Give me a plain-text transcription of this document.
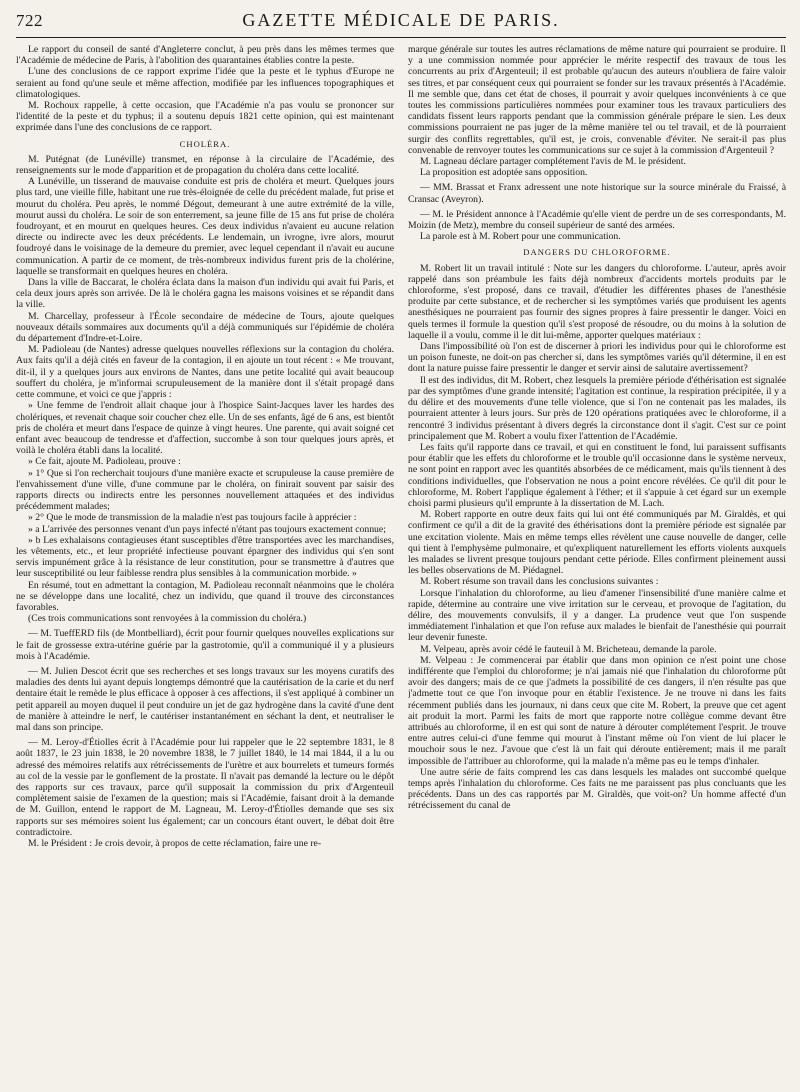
722	GAZETTE MÉDICALE DE PARIS.

Le rapport du conseil de santé d'Angleterre conclut, à peu près dans les mêmes termes que l'Académie de médecine de Paris, à l'abolition des quarantaines établies contre la peste.

L'une des conclusions de ce rapport exprime l'idée que la peste et le typhus d'Europe ne seraient au fond qu'une seule et même affection, modifiée par les influences topographiques et climatologiques.

M. Rochoux rappelle, à cette occasion, que l'Académie n'a pas voulu se prononcer sur l'identité de la peste et du typhus; il a soutenu depuis 1821 cette opinion, qui est maintenant exprimée dans l'une des conclusions de ce rapport.

CHOLÉRA.

M. Putégnat (de Lunéville) transmet, en réponse à la circulaire de l'Académie, des renseignements sur le mode d'apparition et de propagation du choléra dans cette localité.

A Lunéville, un tisserand de mauvaise conduite est pris de choléra et meurt. Quelques jours plus tard, une vieille fille, habitant une rue très-éloignée de celle du précédent malade, fut prise et mourut du choléra. Peu après, le nommé Dégout, demeurant à une autre extrémité de la ville, mourut aussi du choléra. Le soir de son enterrement, sa jeune fille de 15 ans fut prise de choléra foudroyant, et en mourut en quelques heures. Ces deux individus n'avaient eu aucune relation directe ou indirecte avec les deux précédents. Le lendemain, un ivrogne, ivre alors, mourut foudroyé dans le voisinage de la demeure du premier, avec lequel cependant il n'avait eu aucune communication. A partir de ce moment, de très-nombreux individus furent pris de la cholérine, laquelle se transformait en quelques heures en choléra.

Dans la ville de Baccarat, le choléra éclata dans la maison d'un individu qui avait fui Paris, et cela deux jours après son arrivée. De là le choléra gagna les maisons voisines et se répandit dans la ville.

M. Charcellay, professeur à l'École secondaire de médecine de Tours, ajoute quelques nouveaux détails sommaires aux documents qu'il a déjà communiqués sur l'épidémie de choléra du département d'Indre-et-Loire.

M. Padioleau (de Nantes) adresse quelques nouvelles réflexions sur la contagion du choléra. Aux faits qu'il a déjà cités en faveur de la contagion, il en ajoute un tout récent : « Me trouvant, dit-il, il y a quelques jours aux environs de Nantes, dans une petite localité qui avait beaucoup souffert du choléra, je m'informai scrupuleusement de la manière dont il s'était propagé dans cette commune, et voici ce que j'appris :

» Une femme de l'endroit allait chaque jour à l'hospice Saint-Jacques laver les hardes des cholériques, et revenait chaque soir coucher chez elle. Un de ses enfants, âgé de 6 ans, est bientôt pris de choléra et meurt dans l'espace de quinze à vingt heures. Une parente, qui avait soigné cet enfant avec beaucoup de tendresse et d'affection, succombe à son tour quelques jours après, et voilà le choléra établi dans la localité.

» Ce fait, ajoute M. Padioleau, prouve :

» 1° Que si l'on recherchait toujours d'une manière exacte et scrupuleuse la cause première de l'envahissement d'une ville, d'une commune par le choléra, on finirait souvent par saisir des rapports directs ou indirects entre les personnes nouvellement attaquées et des individus précédemment malades;

» 2° Que le mode de transmission de la maladie n'est pas toujours facile à apprécier :

» a L'arrivée des personnes venant d'un pays infecté n'étant pas toujours exactement connue;

» b Les exhalaisons contagieuses étant susceptibles d'être transportées avec les marchandises, les vêtements, etc., et leur propriété infectieuse pouvant épargner des individus qui s'en sont servis impunément grâce à la résistance de leur constitution, pour se transmettre à d'autres que leur susceptibilité ou leur faiblesse rendra plus sensibles à la communication morbide. »

En résumé, tout en admettant la contagion, M. Padioleau reconnaît néanmoins que le choléra ne se développe dans une localité, chez un individu, que quand il trouve des circonstances favorables.

(Ces trois communications sont renvoyées à la commission du choléra.)

— M. TueffERD fils (de Montbelliard), écrit pour fournir quelques nouvelles explications sur le fait de grossesse extra-utérine guérie par la gastrotomie, qu'il a communiqué il y a plusieurs mois à l'Académie.

— M. Julien Descot écrit que ses recherches et ses longs travaux sur les moyens curatifs des maladies des dents lui ayant depuis longtemps démontré que la cautérisation de la carie et du nerf dentaire était le remède le plus efficace à opposer à ces affections, il s'est appliqué à combiner un petit appareil au moyen duquel il peut conduire un jet de gaz hydrogène dans la cavité d'une dent de manière à atteindre le nerf, le cautériser instantanément en séchant la dent, et neutraliser le mal dans son principe.

— M. Leroy-d'Étiolles écrit à l'Académie pour lui rappeler que le 22 septembre 1831, le 8 août 1837, le 23 juin 1838, le 20 novembre 1838, le 7 juillet 1840, le 14 mai 1844, il a lu ou adressé des mémoires relatifs aux rétrécissements de l'urètre et aux bourrelets et tumeurs formés au col de la vessie par le gonflement de la prostate. Il n'avait pas demandé la lecture ou le dépôt des rapports sur ces travaux, parce qu'il supposait la commission du prix d'Argenteuil complètement saisie de l'examen de la question; mais si l'Académie, faisant droit à la demande de M. Guillon, entend le rapport de M. Lagneau, M. Leroy-d'Étiolles demande que ses six rapports sur ses mémoires soient lus également; car un concours étant ouvert, le débat doit être contradictoire.

M. le Président : Je crois devoir, à propos de cette réclamation, faire une re-

marque générale sur toutes les autres réclamations de même nature qui pourraient se produire. Il y a une commission nommée pour apprécier le mérite respectif des travaux de tous les concurrents au prix d'Argenteuil; il est probable qu'aucun des auteurs n'oubliera de faire valoir ses titres, et par conséquent ceux qui pourraient se fonder sur les travaux présentés à l'Académie. Il me semble que, dans cet état de choses, il pourrait y avoir quelques inconvénients à ce que toutes les commissions particulières nommées pour examiner tous les travaux particuliers des candidats fissent leurs rapports pendant que la commission générale prépare le sien. Les deux commissions pourraient ne pas juger de la même manière tel ou tel travail, et de là pourraient surgir des conflits regrettables, qu'il est, je crois, convenable d'éviter. Ne serait-il pas plus convenable de renvoyer toutes les communications sur ce sujet à la commission d'Argenteuil ?

M. Lagneau déclare partager complétement l'avis de M. le président.

La proposition est adoptée sans opposition.

— MM. Brassat et Franx adressent une note historique sur la source minérale du Fraissé, à Cransac (Aveyron).

— M. le Président annonce à l'Académie qu'elle vient de perdre un de ses correspondants, M. Moizin (de Metz), membre du conseil supérieur de santé des armées.

La parole est à M. Robert pour une communication.

DANGERS DU CHLOROFORME.

M. Robert lit un travail intitulé : Note sur les dangers du chloroforme. L'auteur, après avoir rappelé dans son préambule les faits déjà nombreux d'accidents mortels produits par le chloroforme, s'est proposé, dans ce travail, d'étudier les différentes phases de l'anesthésie produite par cette substance, et de rechercher si les symptômes variés que produisent les agents anesthésiques ne pourraient pas fournir des signes propres à faire pressentir le danger. Voici en quels termes il formule la question qu'il s'est proposé de résoudre, ou du moins à la solution de laquelle il a voulu, comme il le dit lui-même, apporter quelques matériaux :

Dans l'impossibilité où l'on est de discerner à priori les individus pour qui le chloroforme est un poison funeste, ne doit-on pas chercher si, dans les symptômes variés qu'il détermine, il en est dont la nature puisse faire pressentir le danger et servir ainsi de salutaire avertissement?

Il est des individus, dit M. Robert, chez lesquels la première période d'éthérisation est signalée par des symptômes d'une grande intensité; l'agitation est continue, la respiration précipitée, il y a du délire et des mouvements d'une telle violence, que si l'on ne contenait pas les malades, ils pourraient attenter à leurs jours. Sur près de 120 opérations pratiquées avec le chloroforme, il a rencontré 3 individus présentant à divers degrés la circonstance dont il s'agit. C'est sur ce point principalement que M. Robert a voulu fixer l'attention de l'Académie.

Les faits qu'il rapporte dans ce travail, et qui en constituent le fond, lui paraissent suffisants pour établir que les effets du chloroforme et le trouble qu'il occasionne dans le système nerveux, ne sont point en rapport avec les quantités absorbées de ce médicament, mais qu'ils tiennent à des conditions individuelles, que l'observation ne nous a point encore révélées. Ce qu'il dit pour le chloroforme, M. Robert l'applique également à l'éther; et il s'appuie à cet égard sur un exemple choisi parmi plusieurs qu'il emprunte à la dissertation de M. Lach.

M. Robert rapporte en outre deux faits qui lui ont été communiqués par M. Giraldès, et qui confirment ce qu'il a dit de la gravité des éthérisations dont la première période est signalée par une excitation violente. Mais en même temps elles révèlent une cause nouvelle de danger, celle qui tient à l'emphysème pulmonaire, et qu'expliquent naturellement les efforts violents auxquels les malades se livrent presque toujours pendant cette période. Elles confirment pleinement aussi les belles observations de M. Piédagnel.

M. Robert résume son travail dans les conclusions suivantes :

Lorsque l'inhalation du chloroforme, au lieu d'amener l'insensibilité d'une manière calme et rapide, détermine au contraire une vive irritation sur le cerveau, et provoque de l'agitation, du délire, des mouvements convulsifs, il y a danger. La prudence veut que l'on suspende immédiatement l'inhalation et que l'on refuse aux malades le bienfait de l'anesthésie qui pourrait leur devenir funeste.

M. Velpeau, après avoir cédé le fauteuil à M. Bricheteau, demande la parole.

M. Velpeau : Je commencerai par établir que dans mon opinion ce n'est point une chose indifférente que l'emploi du chloroforme; je n'ai jamais nié que l'inhalation du chloroforme pût avoir des dangers; mais de ce que j'admets la possibilité de ces dangers, il n'en résulte pas que j'admette tout ce que l'on invoque pour en établir l'existence. Je ne trouve ni dans les faits récemment publiés dans les journaux, ni dans ceux que cite M. Robert, la preuve que cet agent ait produit la mort. Parmi les faits de mort que rapporte notre collègue comme devant être attribués au chloroforme, il en est qui sont de nature à dérouter complétement l'esprit. Je trouve entre autres celui-ci d'une femme qui mourut à l'instant même où l'on vient de lui placer le mouchoir sous le nez. J'avoue que c'est là un fait qui déroute entièrement; mais il me paraît impossible de l'attribuer au chloroforme, qui la malade n'a même pas eu le temps d'inhaler.

Une autre série de faits comprend les cas dans lesquels les malades ont succombé quelque temps après l'inhalation du chloroforme. Ces faits ne me paraissent pas plus concluants que les précédents. Dans un des cas rapportés par M. Giraldès, que voit-on? Un homme affecté d'un rétrécissement du canal de
